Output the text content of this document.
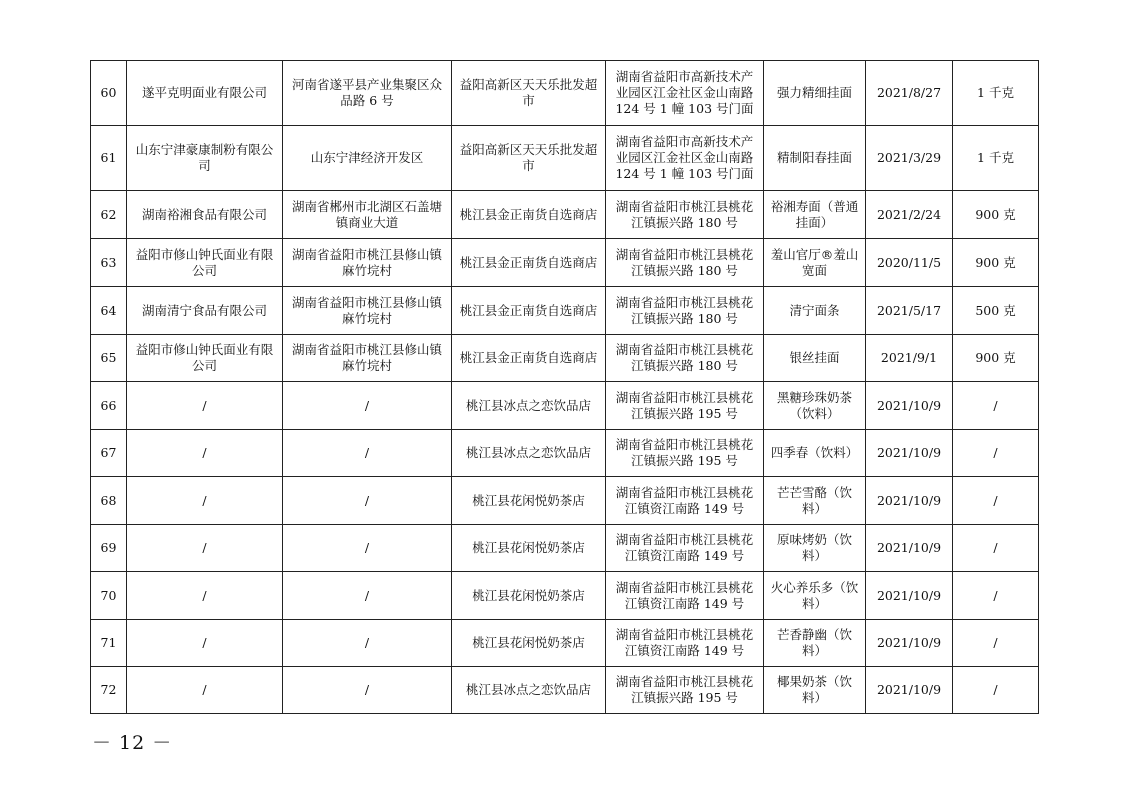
60	遂平克明面业有限公司	河南省遂平县产业集聚区众品路 6 号	益阳高新区天天乐批发超市	湖南省益阳市高新技术产业园区江金社区金山南路 124 号 1 幢 103 号门面	强力精细挂面	2021/8/27	1 千克
61	山东宁津豪康制粉有限公司	山东宁津经济开发区	益阳高新区天天乐批发超市	湖南省益阳市高新技术产业园区江金社区金山南路 124 号 1 幢 103 号门面	精制阳春挂面	2021/3/29	1 千克
62	湖南裕湘食品有限公司	湖南省郴州市北湖区石盖塘镇商业大道	桃江县金正南货自选商店	湖南省益阳市桃江县桃花江镇振兴路 180 号	裕湘寿面（普通挂面）	2021/2/24	900 克
63	益阳市修山钟氏面业有限公司	湖南省益阳市桃江县修山镇麻竹垸村	桃江县金正南货自选商店	湖南省益阳市桃江县桃花江镇振兴路 180 号	羞山官厅®羞山宽面	2020/11/5	900 克
64	湖南清宁食品有限公司	湖南省益阳市桃江县修山镇麻竹垸村	桃江县金正南货自选商店	湖南省益阳市桃江县桃花江镇振兴路 180 号	清宁面条	2021/5/17	500 克
65	益阳市修山钟氏面业有限公司	湖南省益阳市桃江县修山镇麻竹垸村	桃江县金正南货自选商店	湖南省益阳市桃江县桃花江镇振兴路 180 号	银丝挂面	2021/9/1	900 克
66	/	/	桃江县冰点之恋饮品店	湖南省益阳市桃江县桃花江镇振兴路 195 号	黑糖珍珠奶茶（饮料）	2021/10/9	/
67	/	/	桃江县冰点之恋饮品店	湖南省益阳市桃江县桃花江镇振兴路 195 号	四季春（饮料）	2021/10/9	/
68	/	/	桃江县花闲悦奶茶店	湖南省益阳市桃江县桃花江镇资江南路 149 号	芒芒雪酪（饮料）	2021/10/9	/
69	/	/	桃江县花闲悦奶茶店	湖南省益阳市桃江县桃花江镇资江南路 149 号	原味烤奶（饮料）	2021/10/9	/
70	/	/	桃江县花闲悦奶茶店	湖南省益阳市桃江县桃花江镇资江南路 149 号	火心养乐多（饮料）	2021/10/9	/
71	/	/	桃江县花闲悦奶茶店	湖南省益阳市桃江县桃花江镇资江南路 149 号	芒香静幽（饮料）	2021/10/9	/
72	/	/	桃江县冰点之恋饮品店	湖南省益阳市桃江县桃花江镇振兴路 195 号	椰果奶茶（饮料）	2021/10/9	/
－ 12 －
